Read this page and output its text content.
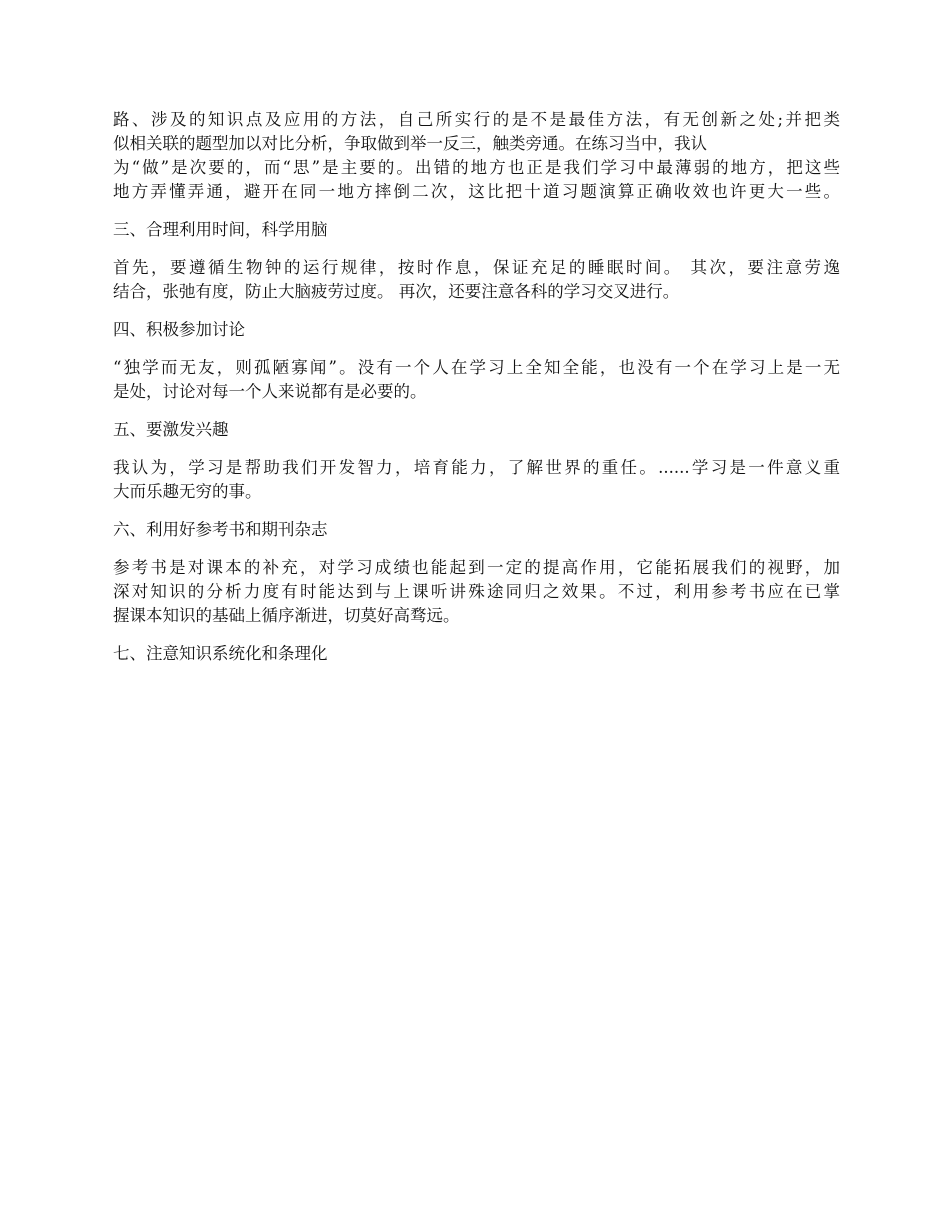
路、涉及的知识点及应用的方法，自己所实行的是不是最佳方法，有无创新之处;并把类
似相关联的题型加以对比分析，争取做到举一反三，触类旁通。在练习当中，我认
为“做”是次要的，而“思”是主要的。出错的地方也正是我们学习中最薄弱的地方，把这些
地方弄懂弄通，避开在同一地方摔倒二次，这比把十道习题演算正确收效也许更大一些。

三、合理利用时间，科学用脑

首先，要遵循生物钟的运行规律，按时作息，保证充足的睡眠时间。 其次，要注意劳逸
结合，张弛有度，防止大脑疲劳过度。 再次，还要注意各科的学习交叉进行。

四、积极参加讨论

“独学而无友，则孤陋寡闻”。没有一个人在学习上全知全能，也没有一个在学习上是一无
是处，讨论对每一个人来说都有是必要的。

五、要激发兴趣

我认为，学习是帮助我们开发智力，培育能力，了解世界的重任。......学习是一件意义重
大而乐趣无穷的事。

六、利用好参考书和期刊杂志

参考书是对课本的补充，对学习成绩也能起到一定的提高作用，它能拓展我们的视野，加
深对知识的分析力度有时能达到与上课听讲殊途同归之效果。不过，利用参考书应在已掌
握课本知识的基础上循序渐进，切莫好高骛远。

七、注意知识系统化和条理化
